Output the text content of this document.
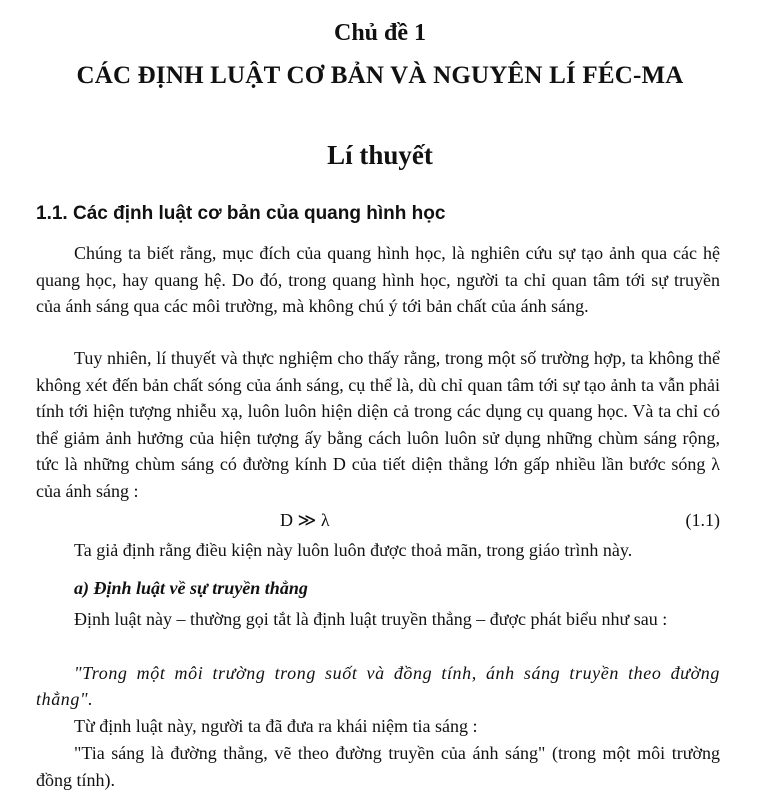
Chủ đề 1
CÁC ĐỊNH LUẬT CƠ BẢN VÀ NGUYÊN LÍ FÉC-MA
Lí thuyết
1.1. Các định luật cơ bản của quang hình học

Chúng ta biết rằng, mục đích của quang hình học, là nghiên cứu sự tạo ảnh qua các hệ quang học, hay quang hệ. Do đó, trong quang hình học, người ta chỉ quan tâm tới sự truyền của ánh sáng qua các môi trường, mà không chú ý tới bản chất của ánh sáng.

Tuy nhiên, lí thuyết và thực nghiệm cho thấy rằng, trong một số trường hợp, ta không thể không xét đến bản chất sóng của ánh sáng, cụ thể là, dù chỉ quan tâm tới sự tạo ảnh ta vẫn phải tính tới hiện tượng nhiễu xạ, luôn luôn hiện diện cả trong các dụng cụ quang học. Và ta chỉ có thể giảm ảnh hưởng của hiện tượng ấy bằng cách luôn luôn sử dụng những chùm sáng rộng, tức là những chùm sáng có đường kính D của tiết diện thẳng lớn gấp nhiều lần bước sóng λ của ánh sáng :

D ≫ λ	(1.1)

Ta giả định rằng điều kiện này luôn luôn được thoả mãn, trong giáo trình này.

a) Định luật về sự truyền thẳng

Định luật này – thường gọi tắt là định luật truyền thẳng – được phát biểu như sau :

"Trong một môi trường trong suốt và đồng tính, ánh sáng truyền theo đường thẳng".

Từ định luật này, người ta đã đưa ra khái niệm tia sáng :

"Tia sáng là đường thẳng, vẽ theo đường truyền của ánh sáng" (trong một môi trường đồng tính).
